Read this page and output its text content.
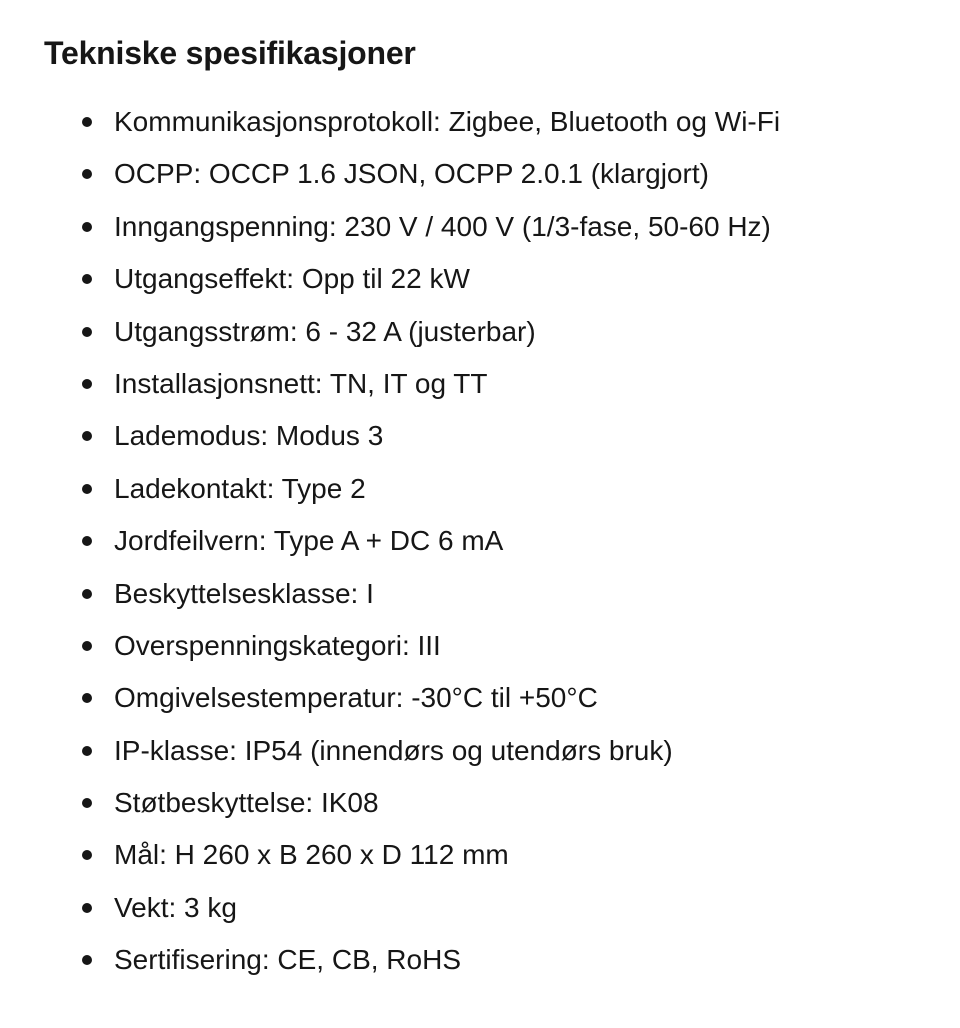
Tekniske spesifikasjoner
Kommunikasjonsprotokoll: Zigbee, Bluetooth og Wi-Fi
OCPP: OCCP 1.6 JSON, OCPP 2.0.1 (klargjort)
Inngangspenning: 230 V / 400 V (1/3-fase, 50-60 Hz)
Utgangseffekt: Opp til 22 kW
Utgangsstrøm: 6 - 32 A (justerbar)
Installasjonsnett: TN, IT og TT
Lademodus: Modus 3
Ladekontakt: Type 2
Jordfeilvern: Type A + DC 6 mA
Beskyttelsesklasse: I
Overspenningskategori: III
Omgivelsestemperatur: -30°C til +50°C
IP-klasse: IP54 (innendørs og utendørs bruk)
Støtbeskyttelse: IK08
Mål: H 260 x B 260 x D 112 mm
Vekt: 3 kg
Sertifisering: CE, CB, RoHS
